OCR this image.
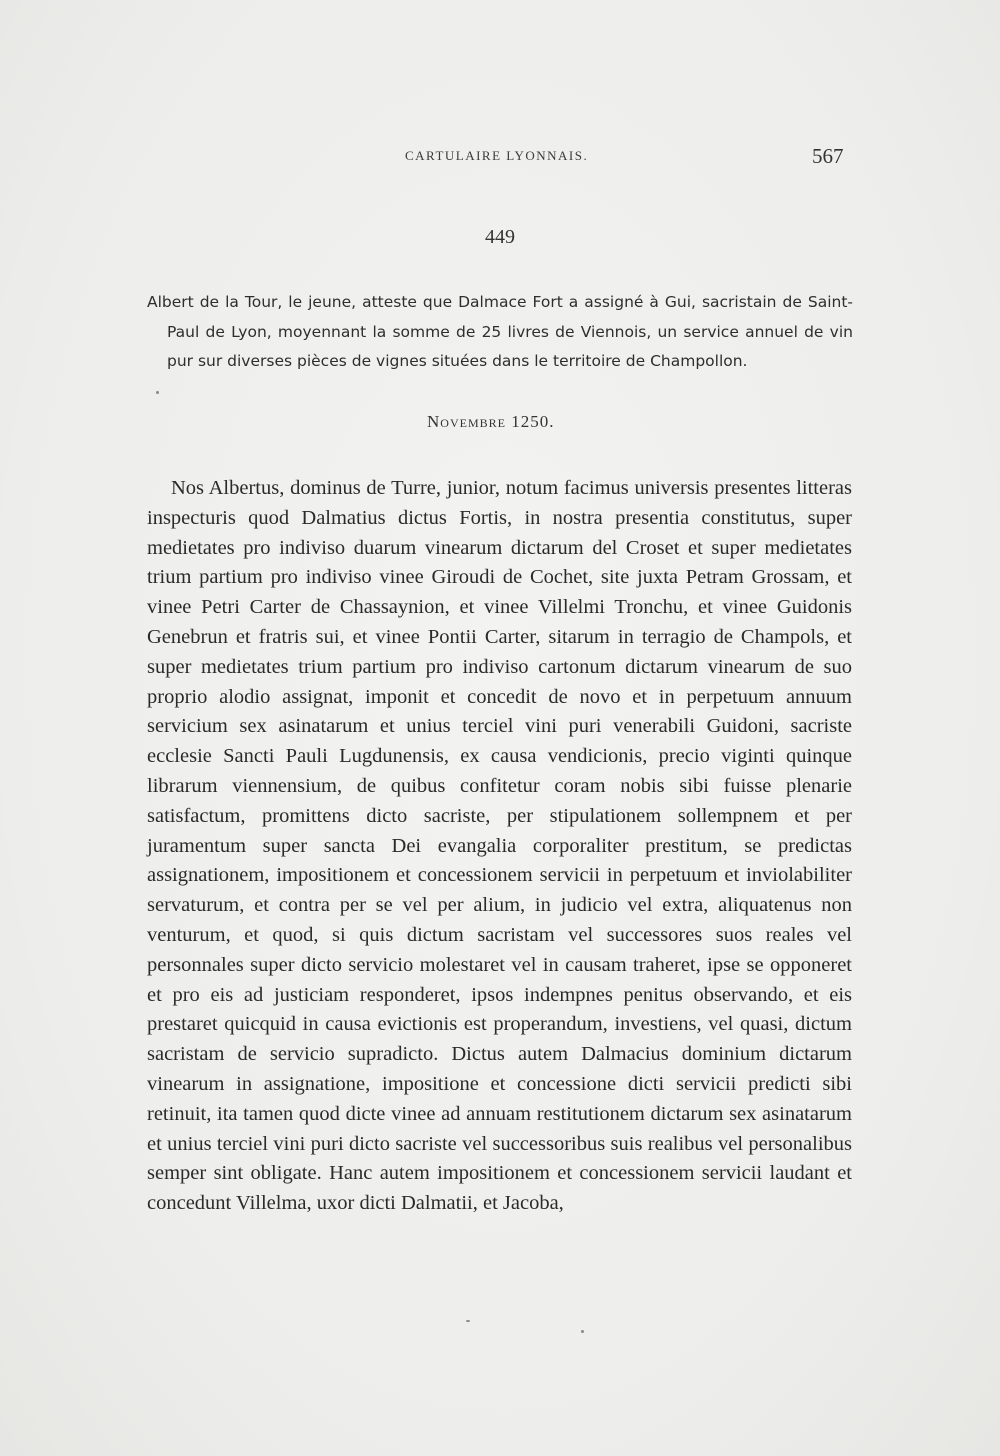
CARTULAIRE LYONNAIS.	567
449

Albert de la Tour, le jeune, atteste que Dalmace Fort a assigné à Gui, sacristain de Saint-Paul de Lyon, moyennant la somme de 25 livres de Viennois, un service annuel de vin pur sur diverses pièces de vignes situées dans le territoire de Champollon.

Novembre 1250.

Nos Albertus, dominus de Turre, junior, notum facimus universis presentes litteras inspecturis quod Dalmatius dictus Fortis, in nostra presentia constitutus, super medietates pro indiviso duarum vinearum dictarum del Croset et super medietates trium partium pro indiviso vinee Giroudi de Cochet, site juxta Petram Grossam, et vinee Petri Carter de Chassaynion, et vinee Villelmi Tronchu, et vinee Guidonis Genebrun et fratris sui, et vinee Pontii Carter, sitarum in terragio de Champols, et super medietates trium partium pro indiviso cartonum dictarum vinearum de suo proprio alodio assignat, imponit et concedit de novo et in perpetuum annuum servicium sex asinatarum et unius terciel vini puri venerabili Guidoni, sacriste ecclesie Sancti Pauli Lugdunensis, ex causa vendicionis, precio viginti quinque librarum viennensium, de quibus confitetur coram nobis sibi fuisse plenarie satisfactum, promittens dicto sacriste, per stipulationem sollempnem et per juramentum super sancta Dei evangalia corporaliter prestitum, se predictas assignationem, impositionem et concessionem servicii in perpetuum et inviolabiliter servaturum, et contra per se vel per alium, in judicio vel extra, aliquatenus non venturum, et quod, si quis dictum sacristam vel successores suos reales vel personnales super dicto servicio molestaret vel in causam traheret, ipse se opponeret et pro eis ad justiciam responderet, ipsos indempnes penitus observando, et eis prestaret quicquid in causa evictionis est properandum, investiens, vel quasi, dictum sacristam de servicio supradicto. Dictus autem Dalmacius dominium dictarum vinearum in assignatione, impositione et concessione dicti servicii predicti sibi retinuit, ita tamen quod dicte vinee ad annuam restitutionem dictarum sex asinatarum et unius terciel vini puri dicto sacriste vel successoribus suis realibus vel personalibus semper sint obligate. Hanc autem impositionem et concessionem servicii laudant et concedunt Villelma, uxor dicti Dalmatii, et Jacoba,
